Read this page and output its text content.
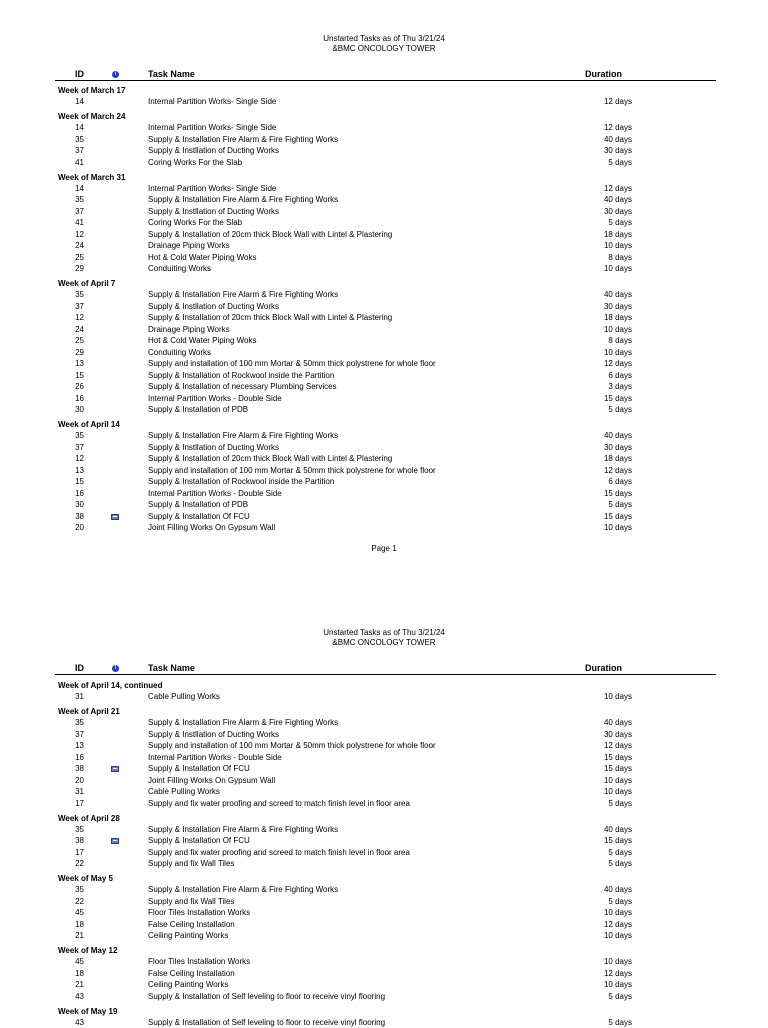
Unstarted Tasks as of Thu 3/21/24
&BMC ONCOLOGY TOWER
ID	i	Task Name	Duration
Week of March 17
14	Internal Partition Works- Single Side	12 days
Week of March 24
14	Internal Partition Works- Single Side	12 days
35	Supply & Installation Fire Alarm & Fire Fighting Works	40 days
37	Supply & Instllation of Ducting Works	30 days
41	Coring Works For the Slab	5 days
Week of March 31
14	Internal Partition Works- Single Side	12 days
35	Supply & Installation Fire Alarm & Fire Fighting Works	40 days
37	Supply & Instllation of Ducting Works	30 days
41	Coring Works For the Slab	5 days
12	Supply & Installation of 20cm thick Block Wall with Lintel & Plastering	18 days
24	Drainage Piping Works	10 days
25	Hot & Cold Water Piping Woks	8 days
29	Conduiting Works	10 days
Week of April 7
35	Supply & Installation Fire Alarm & Fire Fighting Works	40 days
37	Supply & Instllation of Ducting Works	30 days
12	Supply & Installation of 20cm thick Block Wall with Lintel & Plastering	18 days
24	Drainage Piping Works	10 days
25	Hot & Cold Water Piping Woks	8 days
29	Conduiting Works	10 days
13	Supply and installation of 100 mm Mortar & 50mm thick polystrene for whole floor	12 days
15	Supply & Installation of Rockwool inside the Partition	6 days
26	Supply & Installation of necessary Plumbing Services	3 days
16	Internal Partition Works - Double Side	15 days
30	Supply & Installation of PDB	5 days
Week of April 14
35	Supply & Installation Fire Alarm & Fire Fighting Works	40 days
37	Supply & Instllation of Ducting Works	30 days
12	Supply & Installation of 20cm thick Block Wall with Lintel & Plastering	18 days
13	Supply and installation of 100 mm Mortar & 50mm thick polystrene for whole floor	12 days
15	Supply & Installation of Rockwool inside the Partition	6 days
16	Internal Partition Works - Double Side	15 days
30	Supply & Installation of PDB	5 days
38	Supply & Installation Of FCU	15 days
20	Joint Filling Works On Gypsum Wall	10 days
Page 1
Unstarted Tasks as of Thu 3/21/24
&BMC ONCOLOGY TOWER
ID	i	Task Name	Duration
Week of April 14, continued
31	Cable Pulling Works	10 days
Week of April 21
35	Supply & Installation Fire Alarm & Fire Fighting Works	40 days
37	Supply & Instllation of Ducting Works	30 days
13	Supply and installation of 100 mm Mortar & 50mm thick polystrene for whole floor	12 days
16	Internal Partition Works - Double Side	15 days
38	Supply & Installation Of FCU	15 days
20	Joint Filling Works On Gypsum Wall	10 days
31	Cable Pulling Works	10 days
17	Supply and fix water proofing and screed to match finish level in floor area	5 days
Week of April 28
35	Supply & Installation Fire Alarm & Fire Fighting Works	40 days
38	Supply & Installation Of FCU	15 days
17	Supply and fix water proofing and screed to match finish level in floor area	5 days
22	Supply and fix Wall Tiles	5 days
Week of May 5
35	Supply & Installation Fire Alarm & Fire Fighting Works	40 days
22	Supply and fix Wall Tiles	5 days
45	Floor Tiles Installation Works	10 days
18	False Ceiling Installation	12 days
21	Ceiling Painting Works	10 days
Week of May 12
45	Floor Tiles Installation Works	10 days
18	False Ceiling Installation	12 days
21	Ceiling Painting Works	10 days
43	Supply & Installation of Self leveling to floor to receive vinyl flooring	5 days
Week of May 19
43	Supply & Installation of Self leveling to floor to receive vinyl flooring	5 days
